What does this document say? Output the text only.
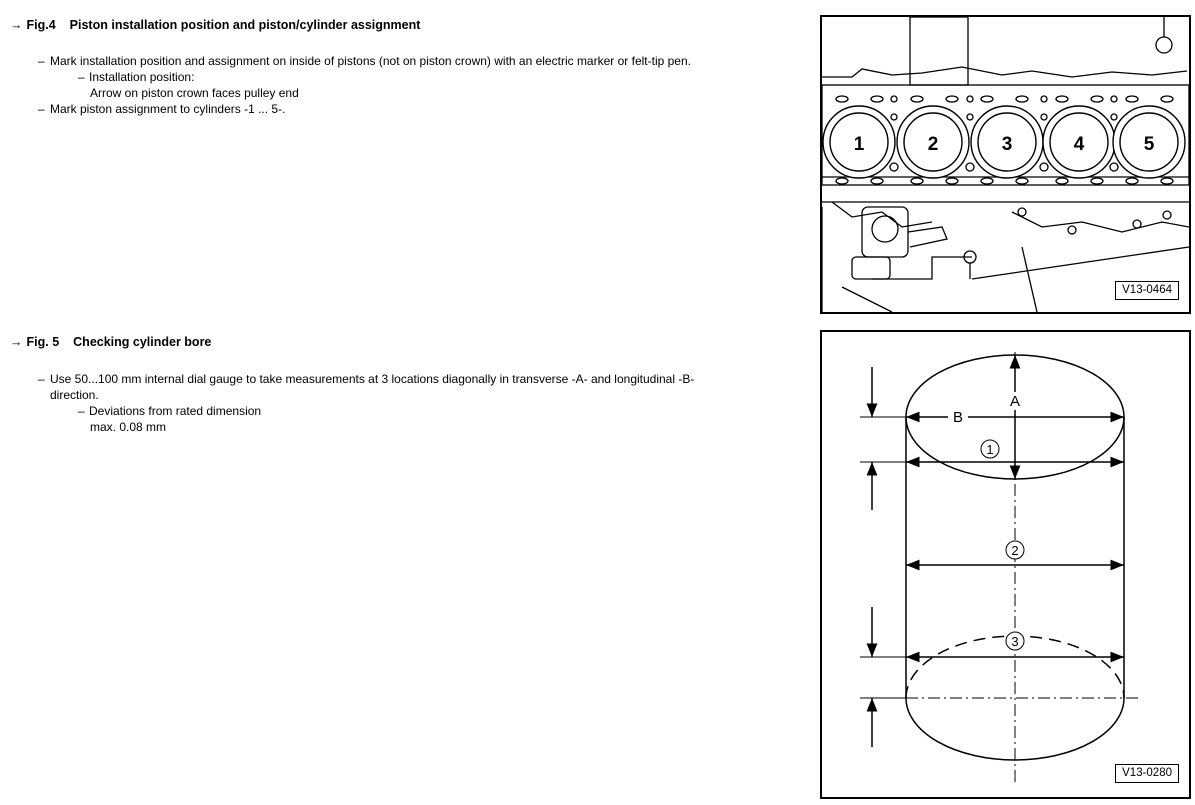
→ Fig.4 Piston installation position and piston/cylinder assignment
– Mark installation position and assignment on inside of pistons (not on piston crown) with an electric marker or felt-tip pen.
– Installation position:
Arrow on piston crown faces pulley end
– Mark piston assignment to cylinders -1 ... 5-.
→ Fig. 5 Checking cylinder bore
– Use 50...100 mm internal dial gauge to take measurements at 3 locations diagonally in transverse -A- and longitudinal -B-
direction.
– Deviations from rated dimension
max. 0.08 mm
1	2	3	4	5
V13-0464
B
A
1
2
3
V13-0280
